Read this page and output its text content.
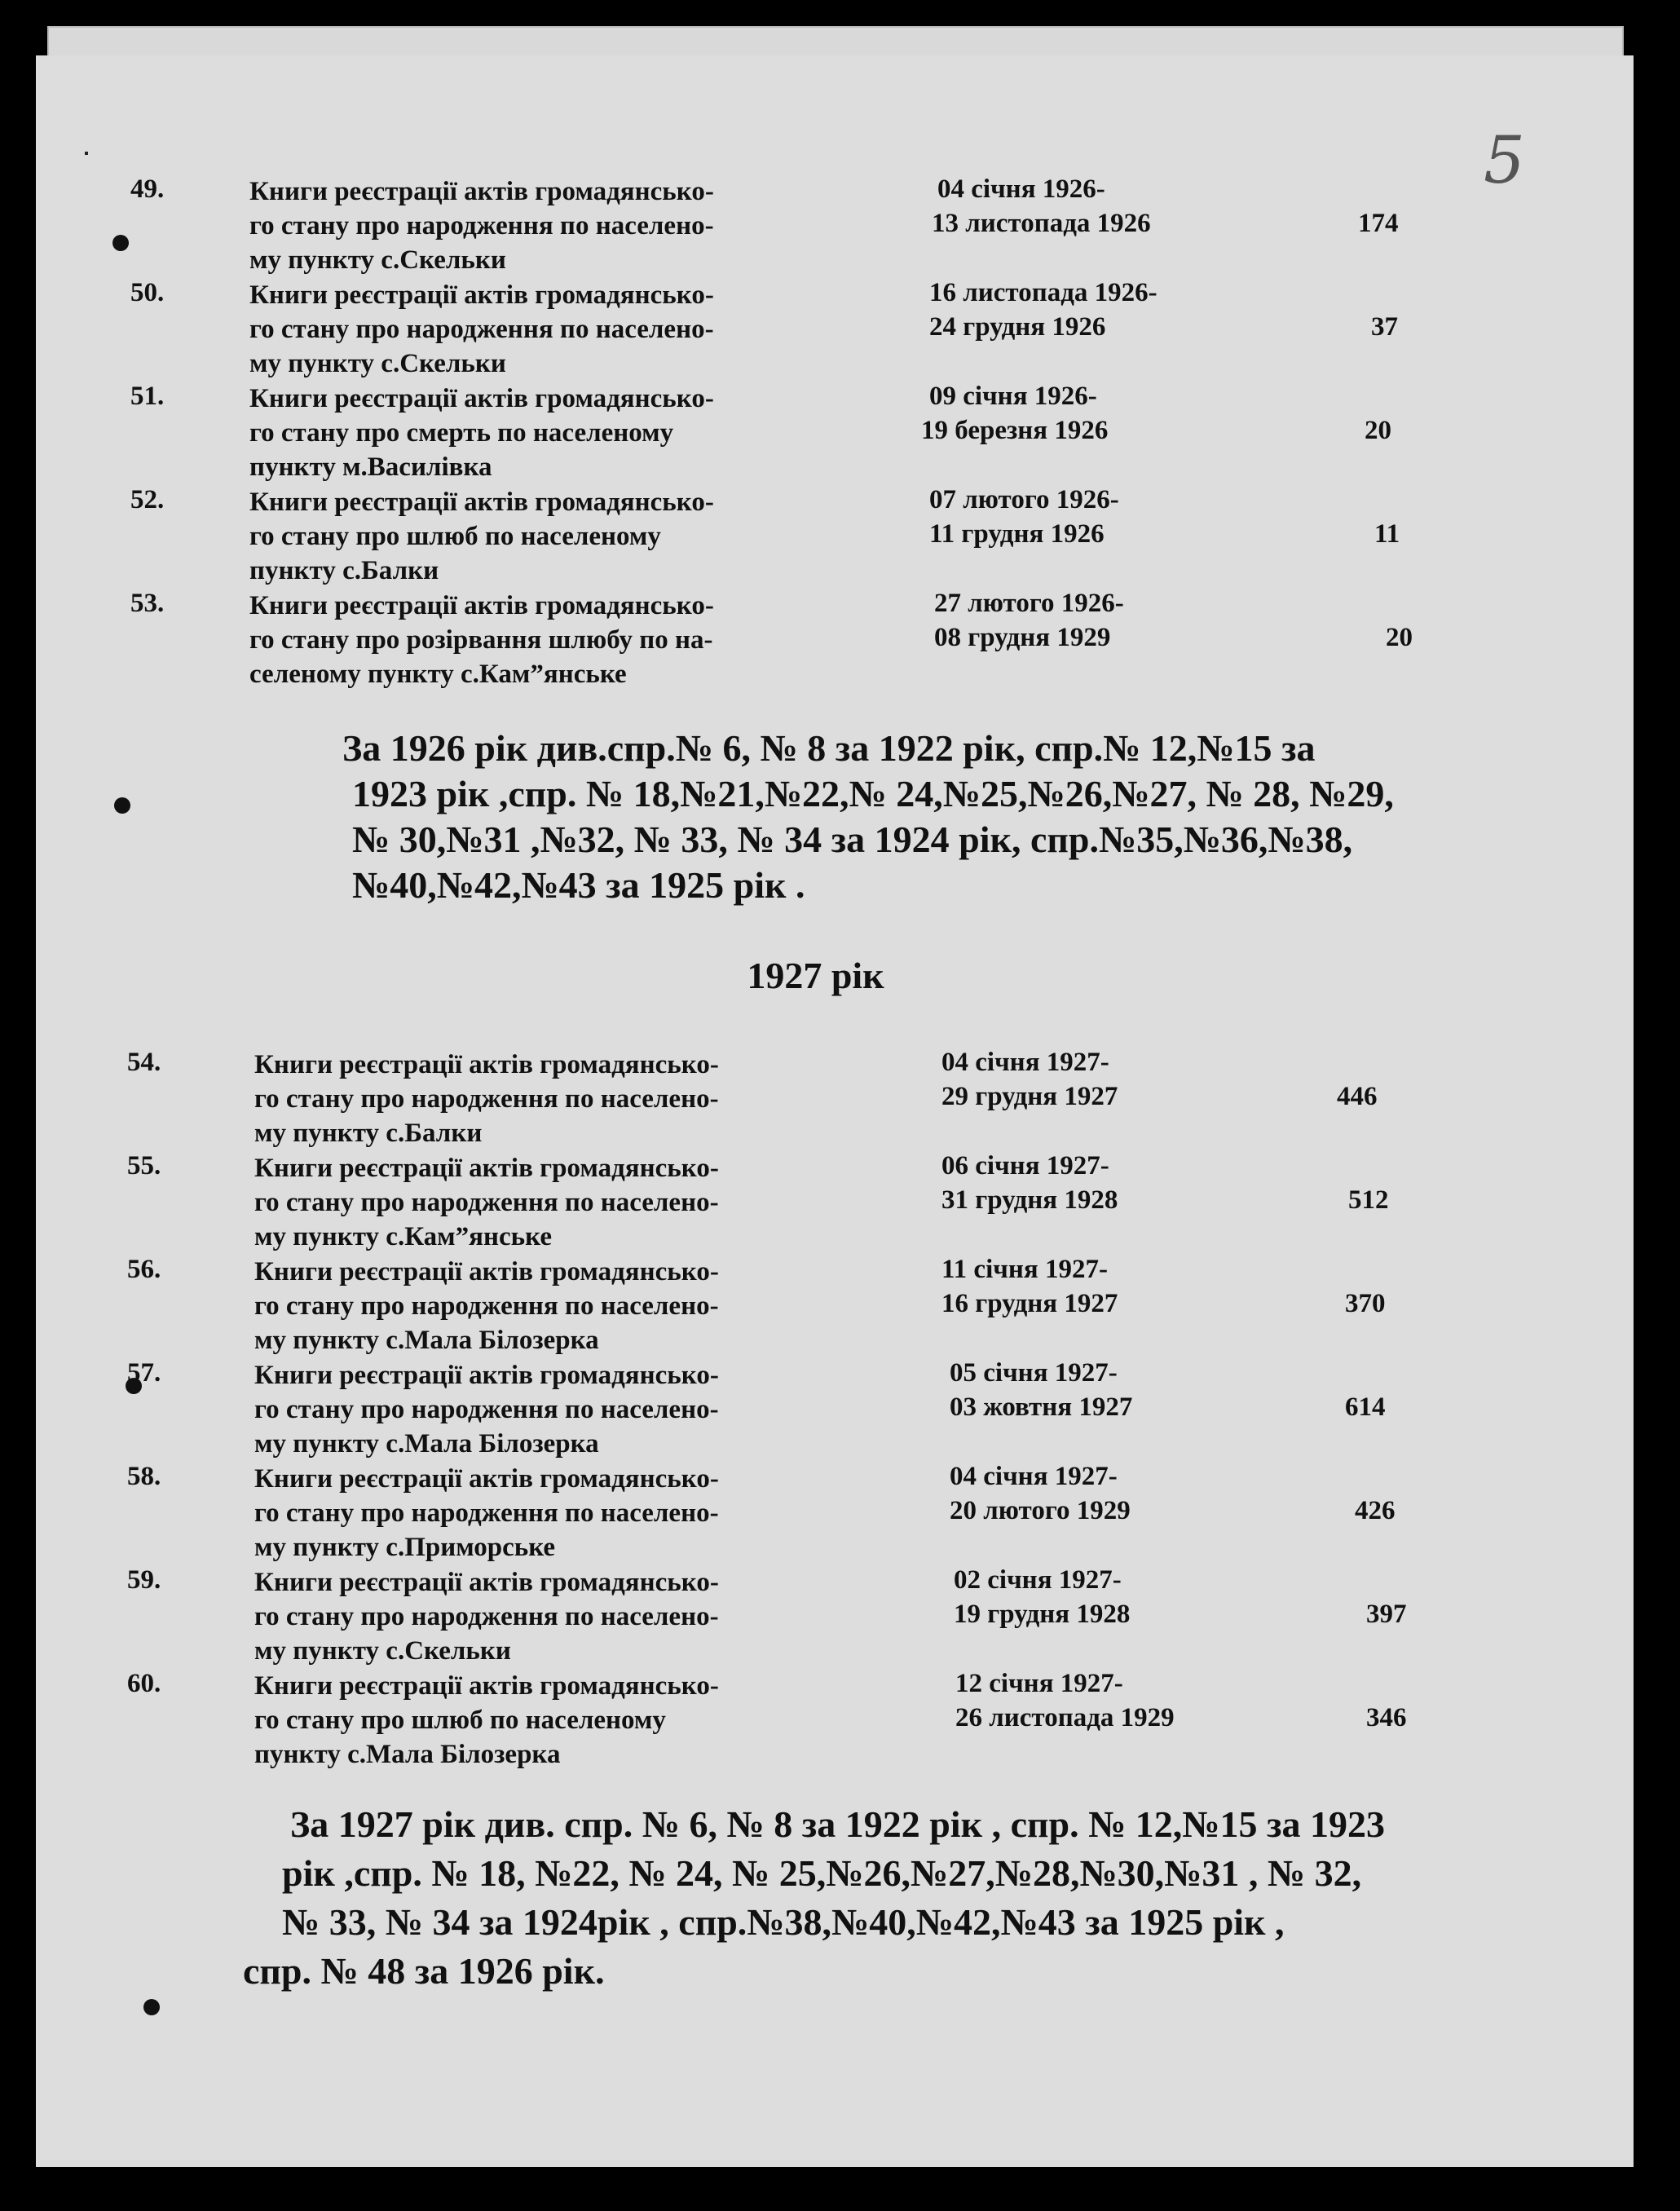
5
49.	Книги реєстрації актів громадянсько-
го стану про народження по населено-
му пункту с.Скельки
04 січня 1926-
13 листопада 1926	174
50.	Книги реєстрації актів громадянсько-
го стану про народження по населено-
му пункту с.Скельки
16 листопада 1926-
24 грудня 1926	37
51.	Книги реєстрації актів громадянсько-
го стану про смерть по населеному
пункту м.Василівка
09 січня 1926-
19 березня 1926	20
52.	Книги реєстрації актів громадянсько-
го стану про шлюб по населеному
пункту с.Балки
07 лютого 1926-
11 грудня 1926	11
53.	Книги реєстрації актів громадянсько-
го стану про розірвання шлюбу по на-
селеному пункту с.Кам”янське
27 лютого 1926-
08 грудня 1929	20
За 1926 рік див.спр.№ 6, № 8 за 1922 рік, спр.№ 12,№15 за
1923 рік ,спр. № 18,№21,№22,№ 24,№25,№26,№27, № 28, №29,
№ 30,№31 ,№32, № 33, № 34 за 1924 рік, спр.№35,№36,№38,
№40,№42,№43 за 1925 рік .
1927 рік
54.	Книги реєстрації актів громадянсько-
го стану про народження по населено-
му пункту с.Балки
04 січня 1927-
29 грудня 1927	446
55.	Книги реєстрації актів громадянсько-
го стану про народження по населено-
му пункту с.Кам”янське
06 січня 1927-
31 грудня 1928	512
56.	Книги реєстрації актів громадянсько-
го стану про народження по населено-
му пункту с.Мала Білозерка
11 січня 1927-
16 грудня 1927	370
57.	Книги реєстрації актів громадянсько-
го стану про народження по населено-
му пункту с.Мала Білозерка
05 січня 1927-
03 жовтня 1927	614
58.	Книги реєстрації актів громадянсько-
го стану про народження по населено-
му пункту с.Приморське
04 січня 1927-
20 лютого 1929	426
59.	Книги реєстрації актів громадянсько-
го стану про народження по населено-
му пункту с.Скельки
02 січня 1927-
19 грудня 1928	397
60.	Книги реєстрації актів громадянсько-
го стану про шлюб по населеному
пункту с.Мала Білозерка
12 січня 1927-
26 листопада 1929	346
За 1927 рік див. спр. № 6, № 8 за 1922 рік , спр. № 12,№15 за 1923
рік ,спр. № 18, №22, № 24, № 25,№26,№27,№28,№30,№31 , № 32,
№ 33, № 34 за 1924рік , спр.№38,№40,№42,№43 за 1925 рік ,
спр. № 48 за 1926 рік.
